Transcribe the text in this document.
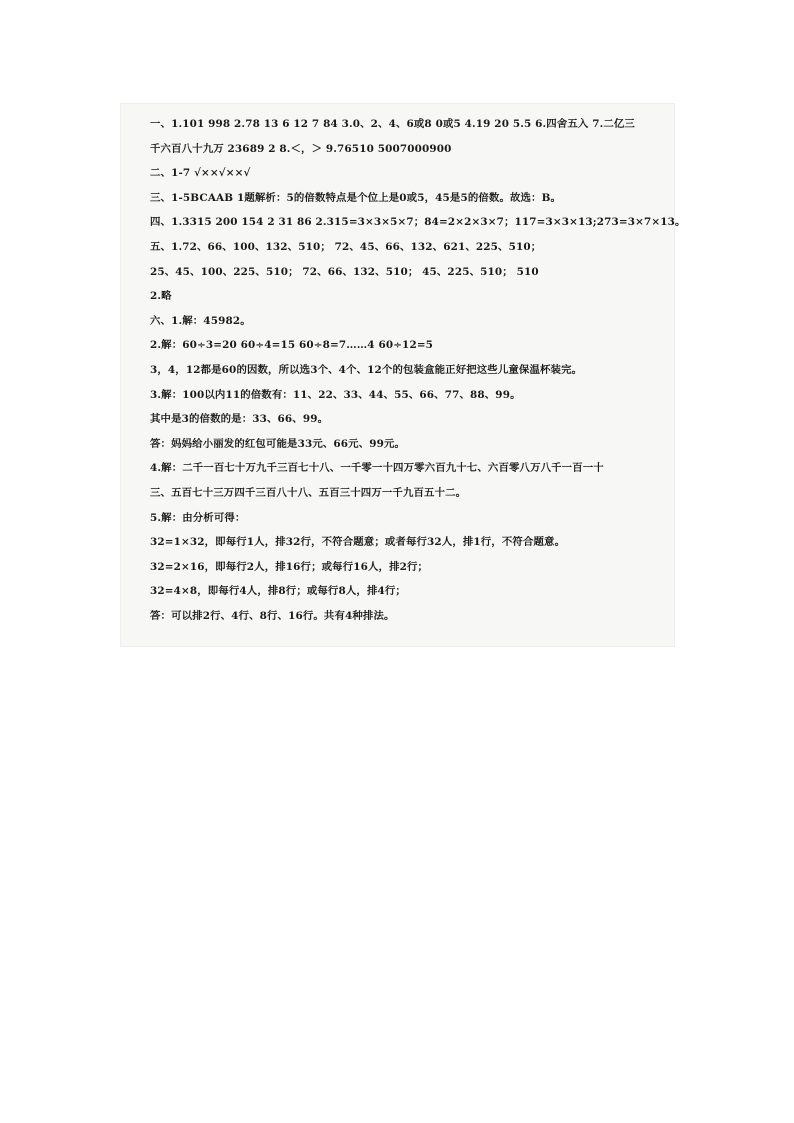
一、1.101 998 2.78 13 6 12 7 84 3.0、2、4、6或8 0或5 4.19 20 5.5 6.四舍五入 7.二亿三
千六百八十九万 23689 2 8.＜，＞ 9.76510 5007000900
二、1-7 √××√××√
三、1-5BCAAB 1题解析：5的倍数特点是个位上是0或5，45是5的倍数。故选：B。
四、1.3315 200 154 2 31 86 2.315=3×3×5×7；84=2×2×3×7；117=3×3×13;273=3×7×13。
五、1.72、66、100、132、510； 72、45、66、132、621、225、510；
25、45、100、225、510； 72、66、132、510； 45、225、510； 510
2.略
六、1.解：45982。
2.解：60÷3=20 60÷4=15 60÷8=7……4 60÷12=5
3，4，12都是60的因数，所以选3个、4个、12个的包装盒能正好把这些儿童保温杯装完。
3.解：100以内11的倍数有：11、22、33、44、55、66、77、88、99。
其中是3的倍数的是：33、66、99。
答：妈妈给小丽发的红包可能是33元、66元、99元。
4.解：二千一百七十万九千三百七十八、一千零一十四万零六百九十七、六百零八万八千一百一十
三、五百七十三万四千三百八十八、五百三十四万一千九百五十二。
5.解：由分析可得：
32=1×32，即每行1人，排32行，不符合题意；或者每行32人，排1行，不符合题意。
32=2×16，即每行2人，排16行；或每行16人，排2行；
32=4×8，即每行4人，排8行；或每行8人，排4行；
答：可以排2行、4行、8行、16行。共有4种排法。
